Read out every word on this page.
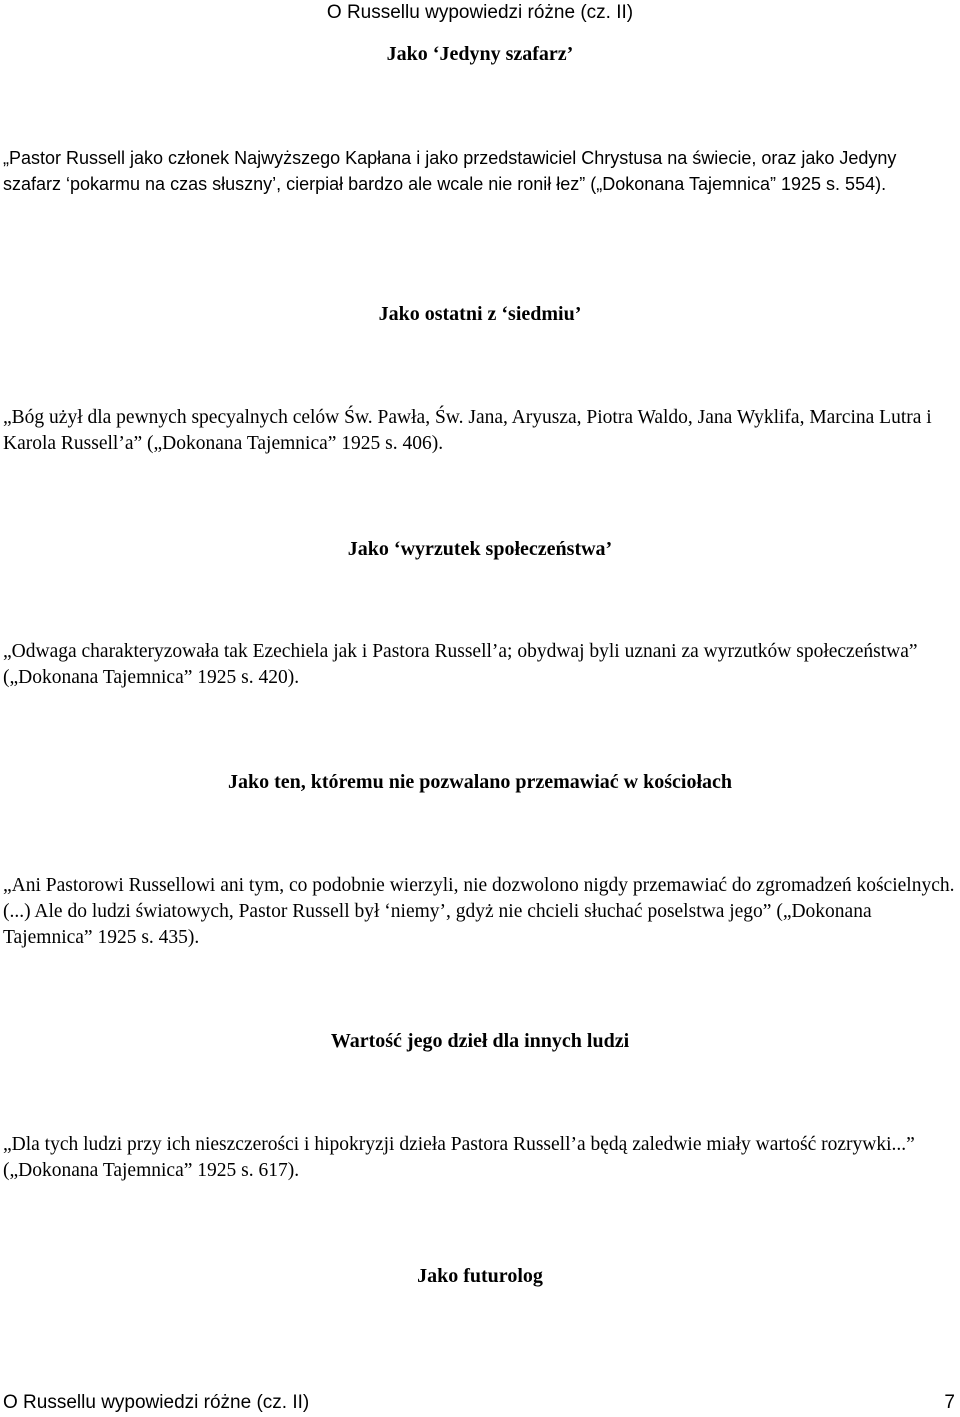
O Russellu wypowiedzi różne (cz. II)
Jako ‘Jedyny szafarz’
„Pastor Russell jako członek Najwyższego Kapłana i jako przedstawiciel Chrystusa na świecie, oraz jako Jedyny szafarz ‘pokarmu na czas słuszny’, cierpiał bardzo ale wcale nie ronił łez” („Dokonana Tajemnica” 1925 s. 554).
Jako ostatni z ‘siedmiu’
„Bóg użył dla pewnych specyalnych celów Św. Pawła, Św. Jana, Aryusza, Piotra Waldo, Jana Wyklifa, Marcina Lutra i Karola Russell’a” („Dokonana Tajemnica” 1925 s. 406).
Jako ‘wyrzutek społeczeństwa’
„Odwaga charakteryzowała tak Ezechiela jak i Pastora Russell’a; obydwaj byli uznani za wyrzutków społeczeństwa” („Dokonana Tajemnica” 1925 s. 420).
Jako ten, któremu nie pozwalano przemawiać w kościołach
„Ani Pastorowi Russellowi ani tym, co podobnie wierzyli, nie dozwolono nigdy przemawiać do zgromadzeń kościelnych. (...) Ale do ludzi światowych, Pastor Russell był ‘niemy’, gdyż nie chcieli słuchać poselstwa jego” („Dokonana Tajemnica” 1925 s. 435).
Wartość jego dzieł dla innych ludzi
„Dla tych ludzi przy ich nieszczerości i hipokryzji dzieła Pastora Russell’a będą zaledwie miały wartość rozrywki...” („Dokonana Tajemnica” 1925 s. 617).
Jako futurolog
O Russellu wypowiedzi różne (cz. II)	7
